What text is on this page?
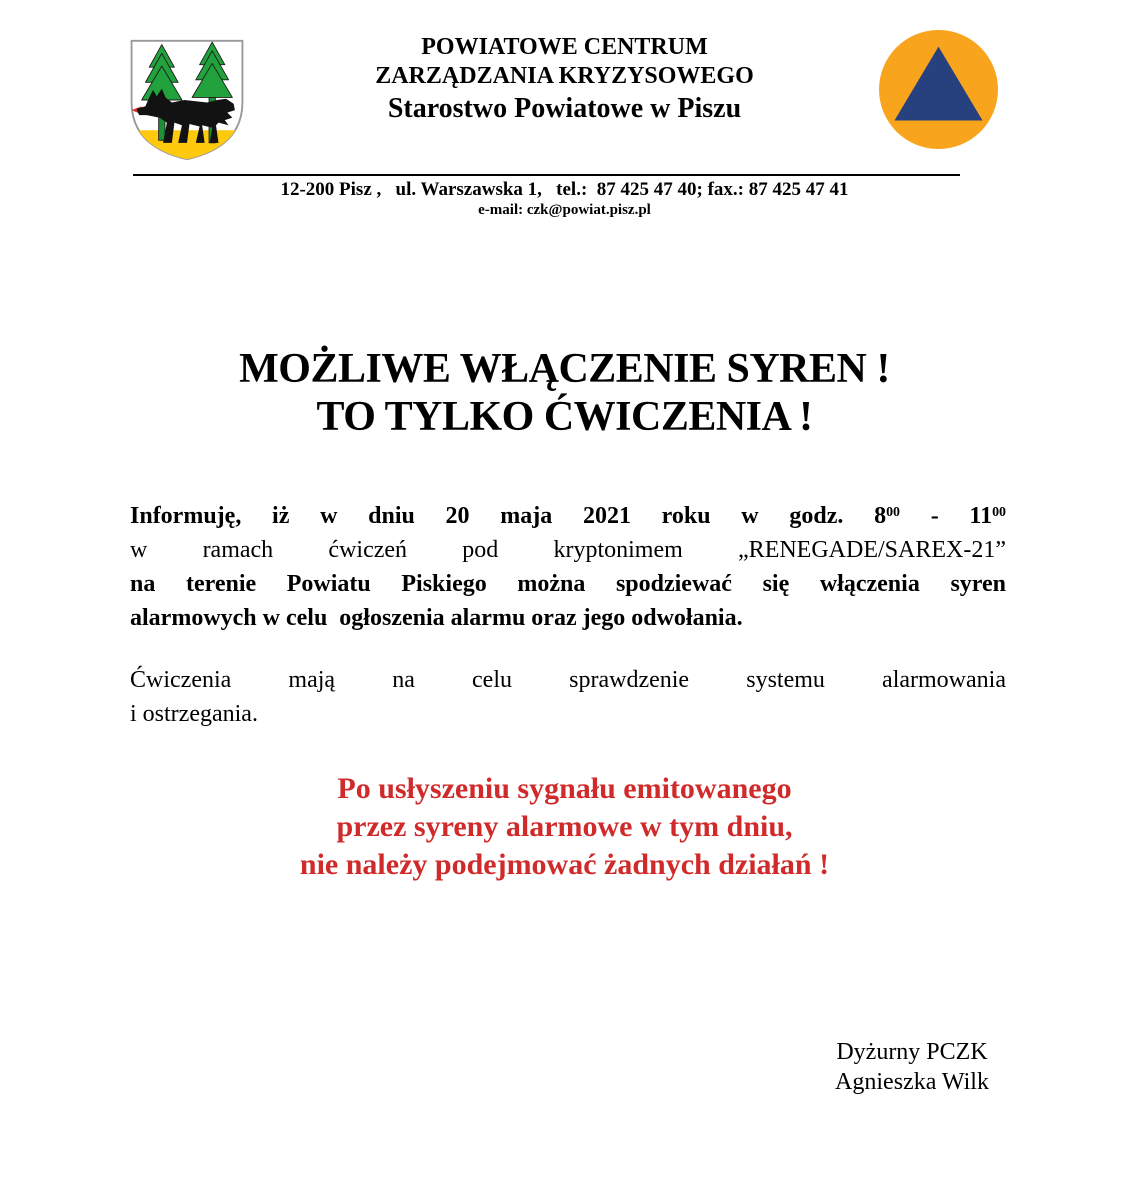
POWIATOWE CENTRUM
ZARZĄDZANIA KRYZYSOWEGO
Starostwo Powiatowe w Piszu
12-200 Pisz ,   ul. Warszawska 1,   tel.:  87 425 47 40; fax.: 87 425 47 41
e-mail: czk@powiat.pisz.pl
MOŻLIWE WŁĄCZENIE SYREN !
TO TYLKO ĆWICZENIA !
Informuję, iż w dniu 20 maja 2021 roku w godz. $8^{00} - 11^{00}$
w ramach ćwiczeń pod kryptonimem „RENEGADE/SAREX-21”
na terenie Powiatu Piskiego można spodziewać się włączenia syren
alarmowych w celu  ogłoszenia alarmu oraz jego odwołania.
Ćwiczenia mają na celu sprawdzenie systemu alarmowania
i ostrzegania.
Po usłyszeniu sygnału emitowanego
przez syreny alarmowe w tym dniu,
nie należy podejmować żadnych działań !
Dyżurny PCZK
Agnieszka Wilk
